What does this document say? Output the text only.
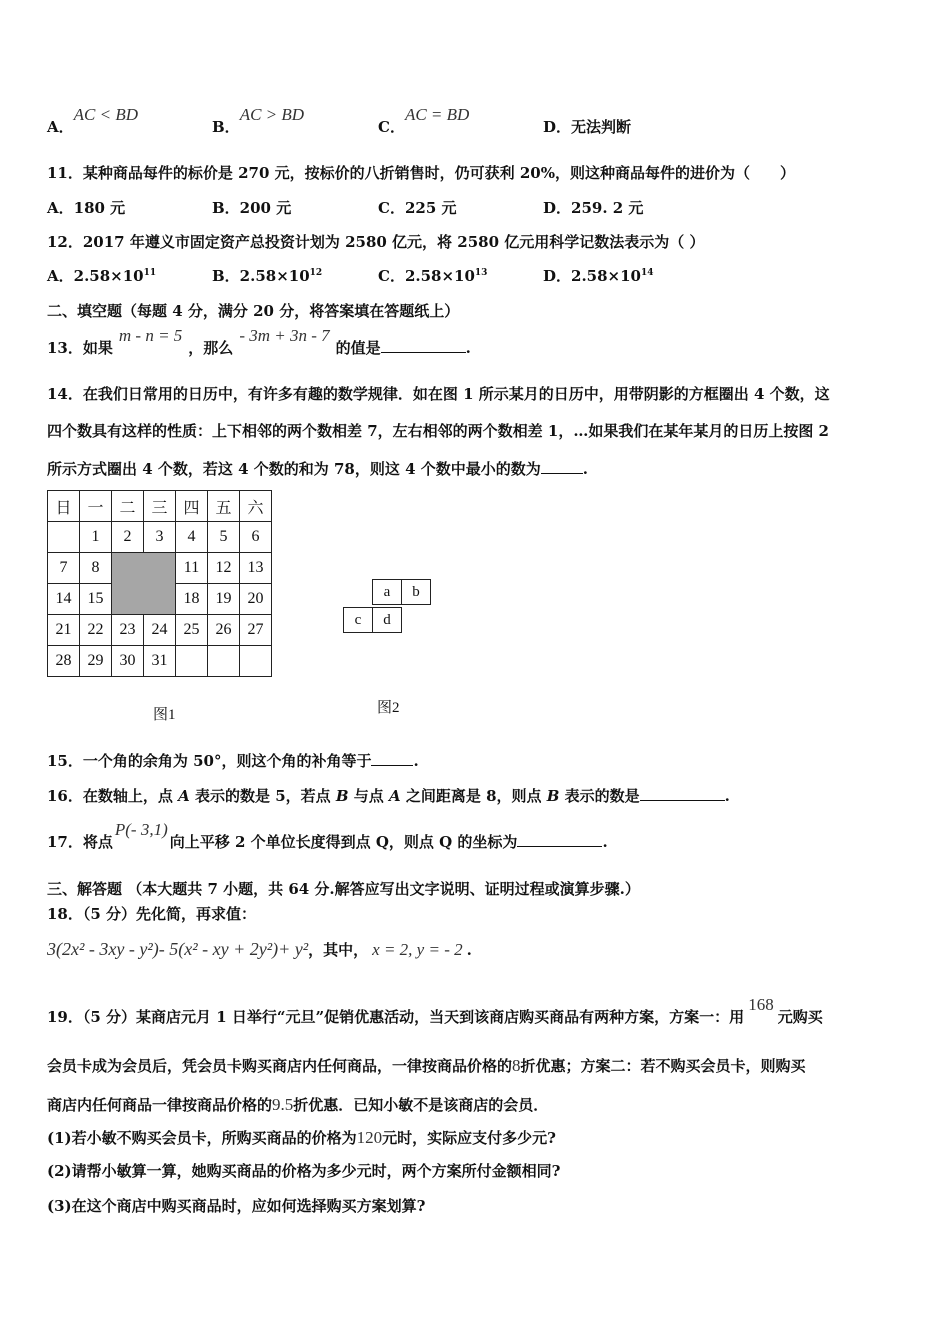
A．AC < BD
B．AC > BD
C．AC = BD
D．无法判断
11．某种商品每件的标价是 270 元，按标价的八折销售时，仍可获利 20%，则这种商品每件的进价为（　　）
A．180 元	B．200 元	C．225 元	D．259. 2 元
12．2017 年遵义市固定资产总投资计划为 2580 亿元，将 2580 亿元用科学记数法表示为（ ）
A．$2.58\times 10^{11}$	B．$2.58\times 10^{12}$	C．$2.58\times 10^{13}$	D．$2.58\times 10^{14}$
二、填空题（每题 4 分，满分 20 分，将答案填在答题纸上）
13．如果m - n = 5，那么- 3m + 3n - 7的值是	.
14．在我们日常用的日历中，有许多有趣的数学规律．如在图 1 所示某月的日历中，用带阴影的方框圈出 4 个数，这
四个数具有这样的性质：上下相邻的两个数相差 7，左右相邻的两个数相差 1，…如果我们在某年某月的日历上按图 2
所示方式圈出 4 个数，若这 4 个数的和为 78，则这 4 个数中最小的数为	.
日	一	二	三	四	五	六
	1	2	3	4	5	6
7	8			11	12	13
14	15			18	19	20
21	22	23	24	25	26	27
28	29	30	31			
图1
a	b
c	d
图2
15．一个角的余角为 50°，则这个角的补角等于	.
16．在数轴上，点 A 表示的数是 5，若点 B 与点 A 之间距离是 8，则点 B 表示的数是	.
17．将点P(- 3,1)向上平移 2 个单位长度得到点 Q，则点 Q 的坐标为	.
三、解答题 （本大题共 7 小题，共 64 分.解答应写出文字说明、证明过程或演算步骤.）
18．（5 分）先化简，再求值：
3(2x² - 3xy - y²)- 5(x² - xy + 2y²)+ y²，其中， x = 2, y = - 2 .
19．（5 分）某商店元月 1 日举行“元旦”促销优惠活动，当天到该商店购买商品有两种方案，方案一：用168元购买
会员卡成为会员后，凭会员卡购买商店内任何商品，一律按商品价格的8折优惠；方案二：若不购买会员卡，则购买
商店内任何商品一律按商品价格的9.5折优惠．已知小敏不是该商店的会员．
(1)若小敏不购买会员卡，所购买商品的价格为120元时，实际应支付多少元?
(2)请帮小敏算一算，她购买商品的价格为多少元时，两个方案所付金额相同?
(3)在这个商店中购买商品时，应如何选择购买方案划算?
